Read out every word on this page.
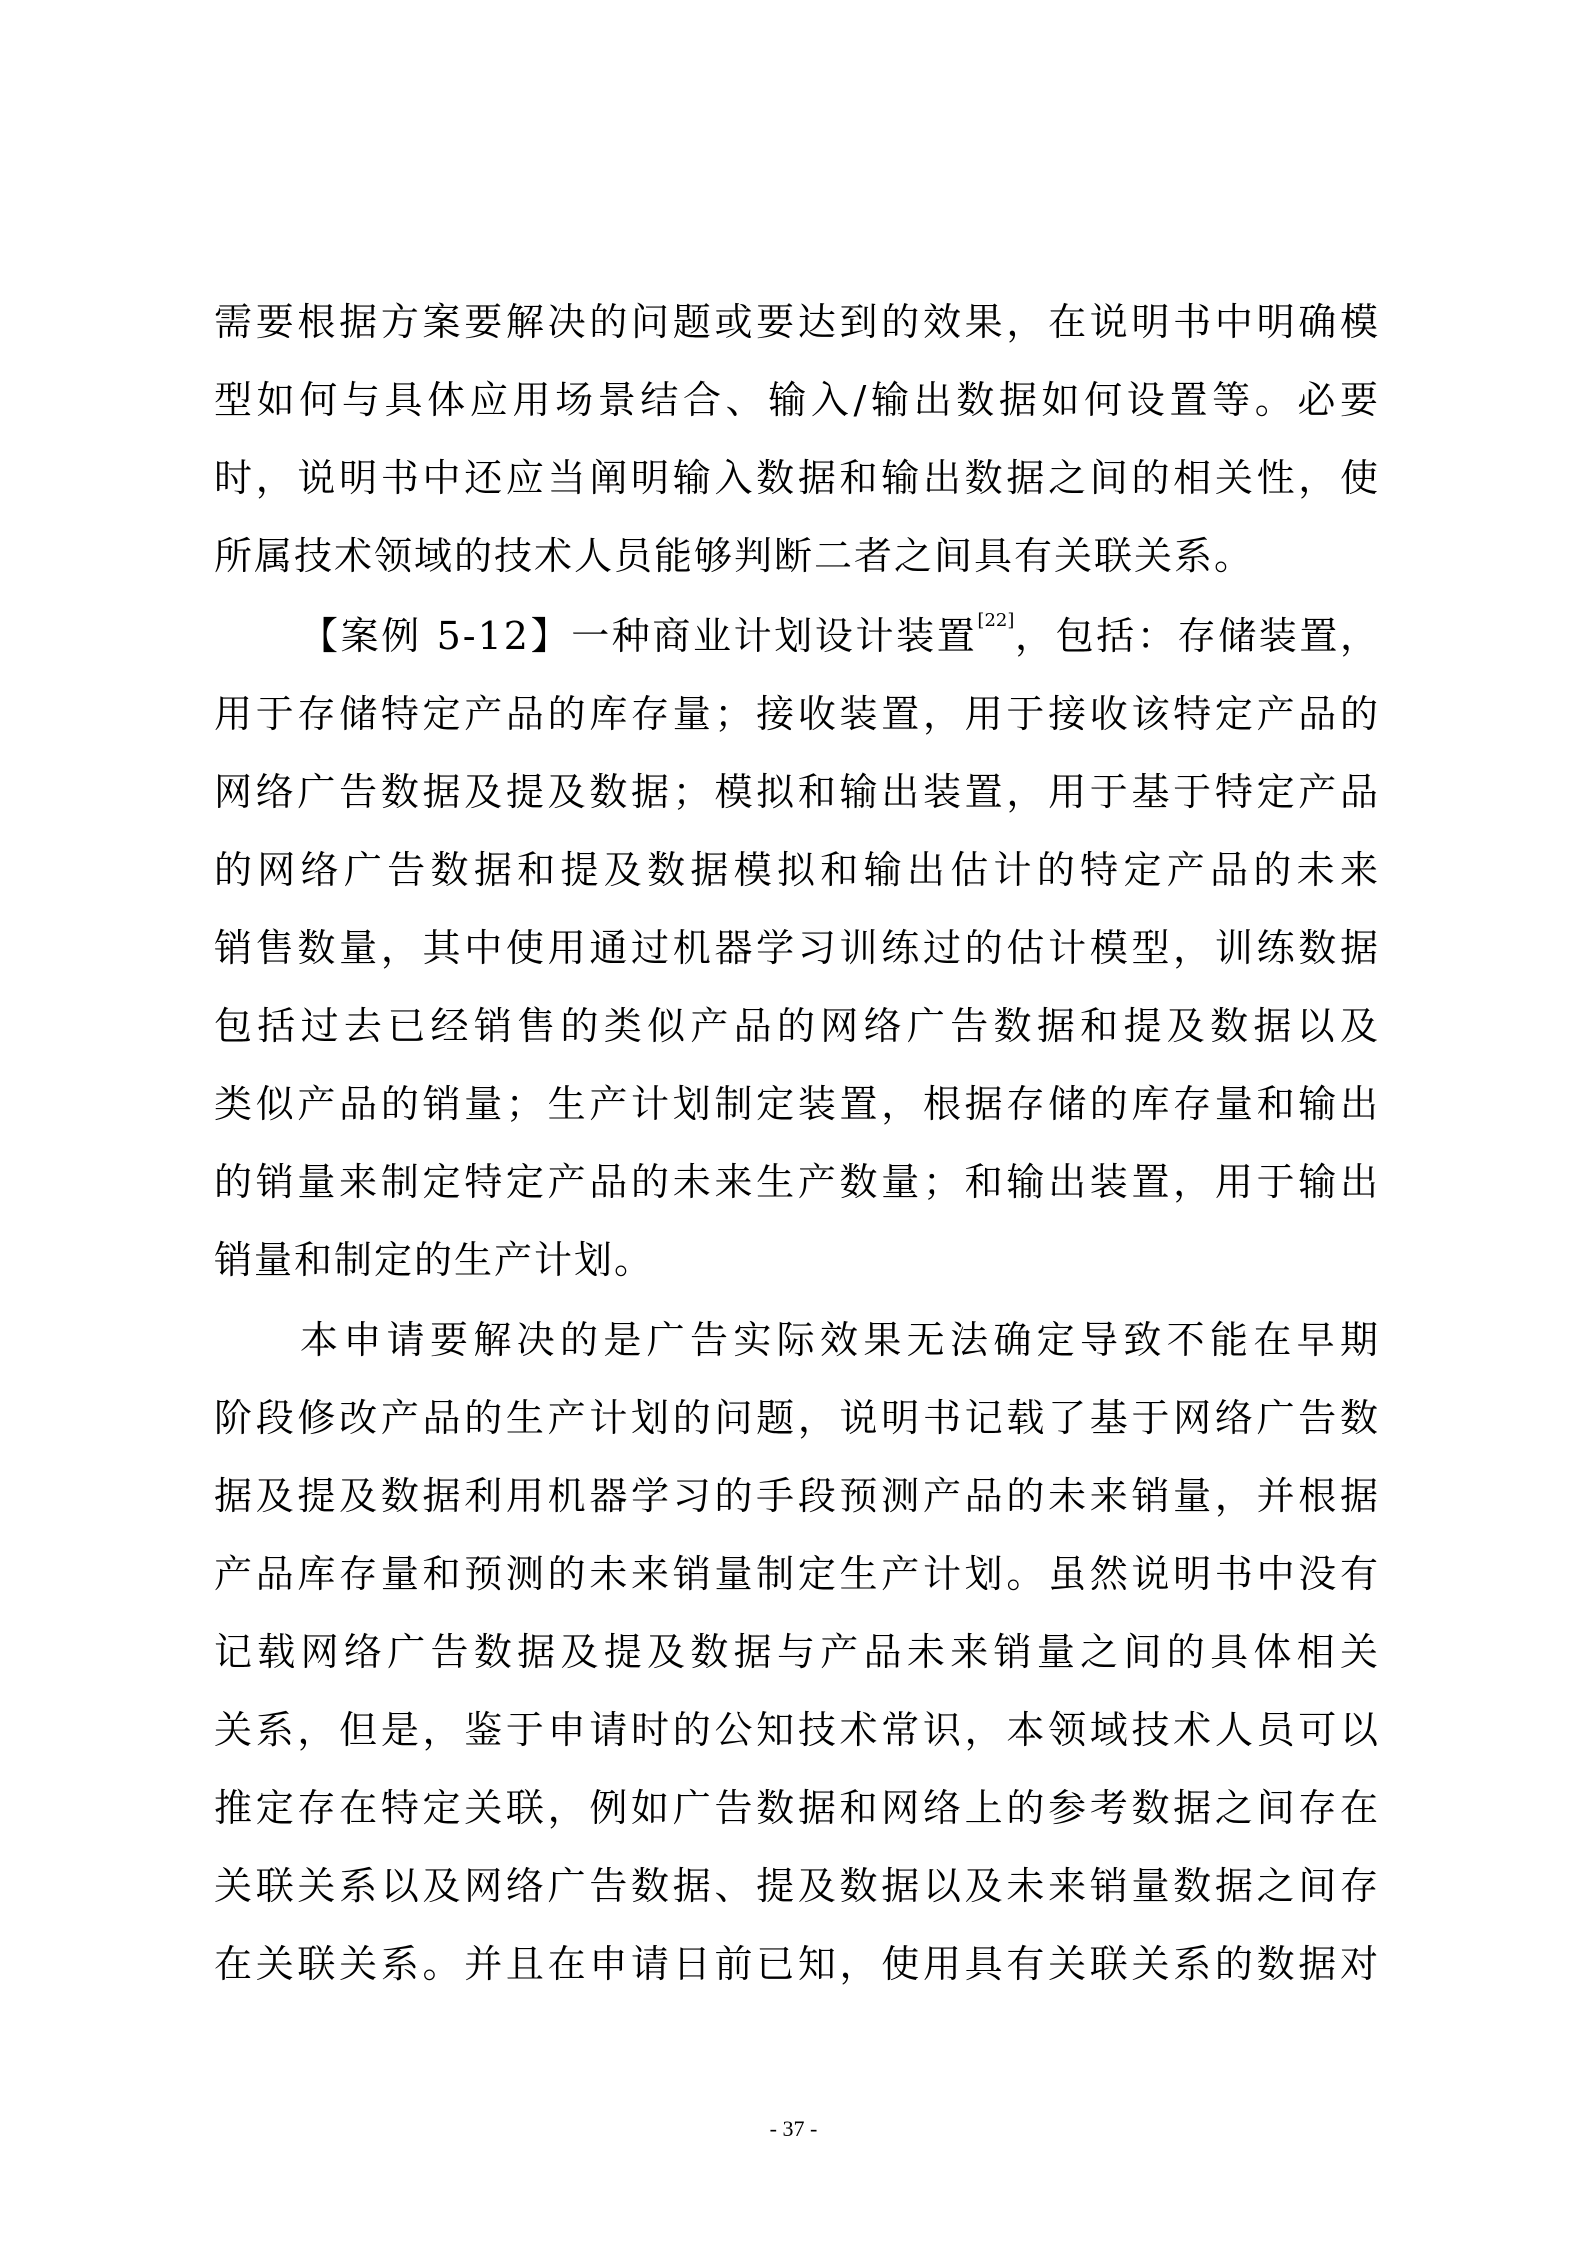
需要根据方案要解决的问题或要达到的效果，在说明书中明确模
型如何与具体应用场景结合、输入/输出数据如何设置等。必要
时，说明书中还应当阐明输入数据和输出数据之间的相关性，使
所属技术领域的技术人员能够判断二者之间具有关联关系。
【案例 5-12】一种商业计划设计装置[22]，包括：存储装置，
用于存储特定产品的库存量；接收装置，用于接收该特定产品的
网络广告数据及提及数据；模拟和输出装置，用于基于特定产品
的网络广告数据和提及数据模拟和输出估计的特定产品的未来
销售数量，其中使用通过机器学习训练过的估计模型，训练数据
包括过去已经销售的类似产品的网络广告数据和提及数据以及
类似产品的销量；生产计划制定装置，根据存储的库存量和输出
的销量来制定特定产品的未来生产数量；和输出装置，用于输出
销量和制定的生产计划。
本申请要解决的是广告实际效果无法确定导致不能在早期
阶段修改产品的生产计划的问题，说明书记载了基于网络广告数
据及提及数据利用机器学习的手段预测产品的未来销量，并根据
产品库存量和预测的未来销量制定生产计划。虽然说明书中没有
记载网络广告数据及提及数据与产品未来销量之间的具体相关
关系，但是，鉴于申请时的公知技术常识，本领域技术人员可以
推定存在特定关联，例如广告数据和网络上的参考数据之间存在
关联关系以及网络广告数据、提及数据以及未来销量数据之间存
在关联关系。并且在申请日前已知，使用具有关联关系的数据对
- 37 -
